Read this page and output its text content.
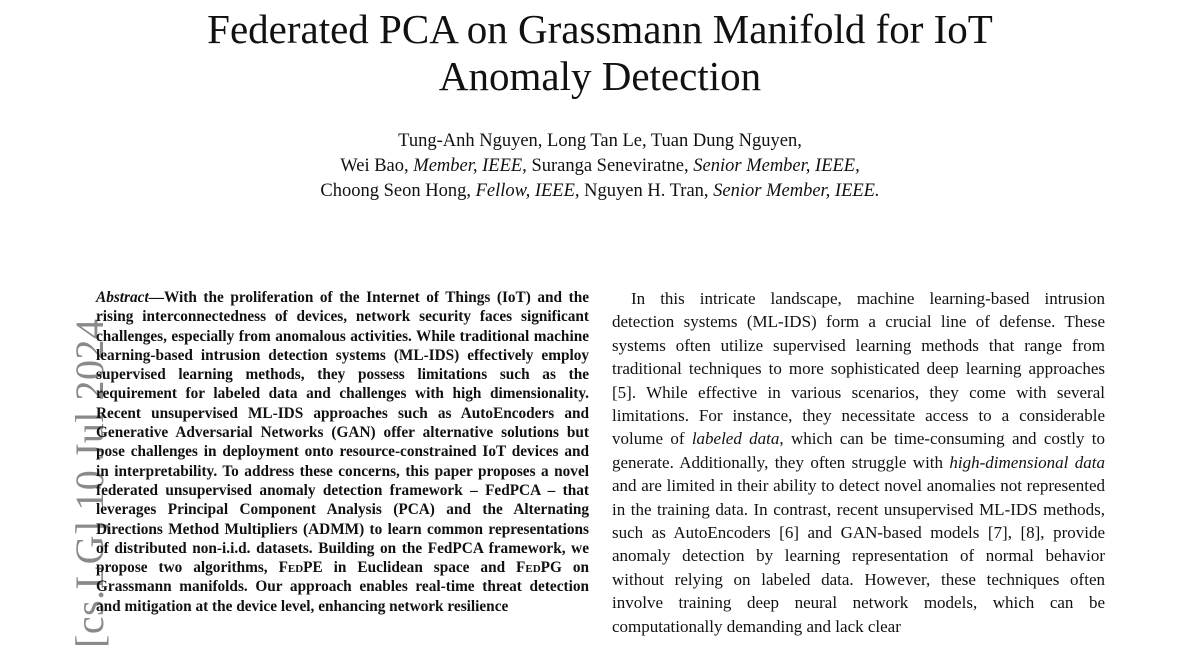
Federated PCA on Grassmann Manifold for IoT
Anomaly Detection
Tung-Anh Nguyen, Long Tan Le, Tuan Dung Nguyen,
Wei Bao, Member, IEEE, Suranga Seneviratne, Senior Member, IEEE,
Choong Seon Hong, Fellow, IEEE, Nguyen H. Tran, Senior Member, IEEE.
[cs.LG] 10 Jul 2024

Abstract—With the proliferation of the Internet of Things (IoT) and the rising interconnectedness of devices, network security faces significant challenges, especially from anomalous activities. While traditional machine learning-based intrusion detection systems (ML-IDS) effectively employ supervised learning methods, they possess limitations such as the requirement for labeled data and challenges with high dimensionality. Recent unsupervised ML-IDS approaches such as AutoEncoders and Generative Adversarial Networks (GAN) offer alternative solutions but pose challenges in deployment onto resource-constrained IoT devices and in interpretability. To address these concerns, this paper proposes a novel federated unsupervised anomaly detection framework – FedPCA – that leverages Principal Component Analysis (PCA) and the Alternating Directions Method Multipliers (ADMM) to learn common representations of distributed non-i.i.d. datasets. Building on the FedPCA framework, we propose two algorithms, FedPE in Euclidean space and FedPG on Grassmann manifolds. Our approach enables real-time threat detection and mitigation at the device level, enhancing network resilience

In this intricate landscape, machine learning-based intrusion detection systems (ML-IDS) form a crucial line of defense. These systems often utilize supervised learning methods that range from traditional techniques to more sophisticated deep learning approaches [5]. While effective in various scenarios, they come with several limitations. For instance, they necessitate access to a considerable volume of labeled data, which can be time-consuming and costly to generate. Additionally, they often struggle with high-dimensional data and are limited in their ability to detect novel anomalies not represented in the training data. In contrast, recent unsupervised ML-IDS methods, such as AutoEncoders [6] and GAN-based models [7], [8], provide anomaly detection by learning representation of normal behavior without relying on labeled data. However, these techniques often involve training deep neural network models, which can be computationally demanding and lack clear
